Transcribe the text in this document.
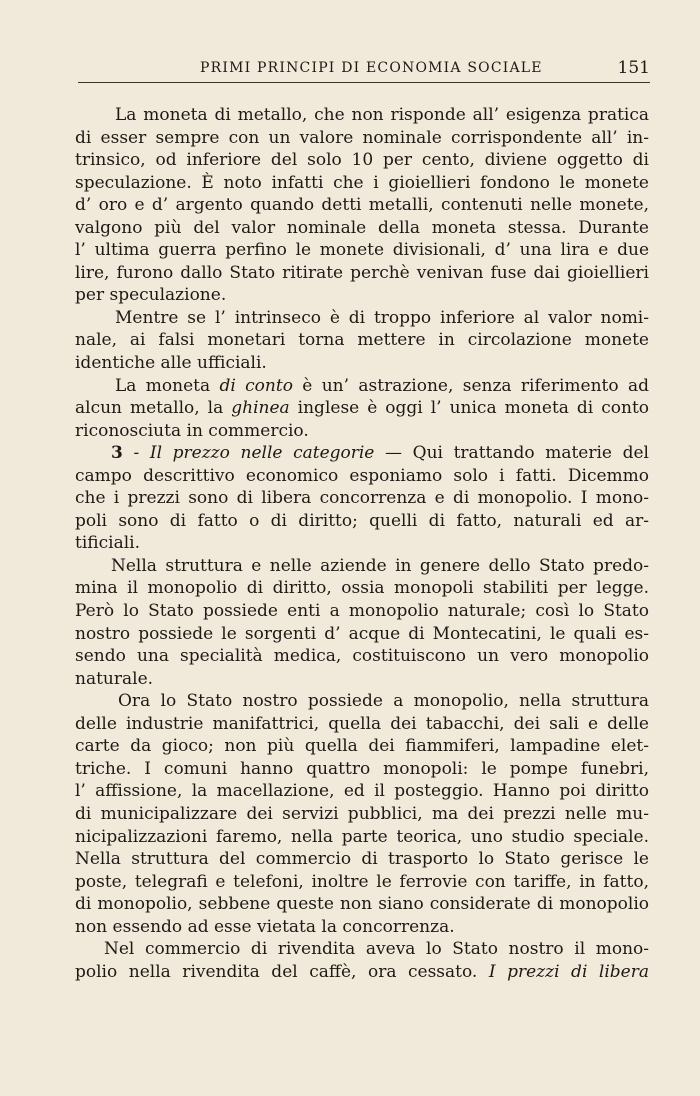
PRIMI PRINCIPI DI ECONOMIA SOCIALE	151
La moneta di metallo, che non risponde all’ esigenza pratica
di esser sempre con un valore nominale corrispondente all’ in-
trinsico, od inferiore del solo 10 per cento, diviene oggetto di
speculazione. È noto infatti che i gioiellieri fondono le monete
d’ oro e d’ argento quando detti metalli, contenuti nelle monete,
valgono più del valor nominale della moneta stessa. Durante
l’ ultima guerra perfino le monete divisionali, d’ una lira e due
lire, furono dallo Stato ritirate perchè venivan fuse dai gioiellieri
per speculazione.
Mentre se l’ intrinseco è di troppo inferiore al valor nomi-
nale, ai falsi monetari torna mettere in circolazione monete
identiche alle ufficiali.
La moneta di conto è un’ astrazione, senza riferimento ad
alcun metallo, la ghinea inglese è oggi l’ unica moneta di conto
riconosciuta in commercio.
3 - Il prezzo nelle categorie — Qui trattando materie del
campo descrittivo economico esponiamo solo i fatti. Dicemmo
che i prezzi sono di libera concorrenza e di monopolio. I mono-
poli sono di fatto o di diritto; quelli di fatto, naturali ed ar-
tificiali.
Nella struttura e nelle aziende in genere dello Stato predo-
mina il monopolio di diritto, ossia monopoli stabiliti per legge.
Però lo Stato possiede enti a monopolio naturale; così lo Stato
nostro possiede le sorgenti d’ acque di Montecatini, le quali es-
sendo una specialità medica, costituiscono un vero monopolio
naturale.
Ora lo Stato nostro possiede a monopolio, nella struttura
delle industrie manifattrici, quella dei tabacchi, dei sali e delle
carte da gioco; non più quella dei fiammiferi, lampadine elet-
triche. I comuni hanno quattro monopoli: le pompe funebri,
l’ affissione, la macellazione, ed il posteggio. Hanno poi diritto
di municipalizzare dei servizi pubblici, ma dei prezzi nelle mu-
nicipalizzazioni faremo, nella parte teorica, uno studio speciale.
Nella struttura del commercio di trasporto lo Stato gerisce le
poste, telegrafi e telefoni, inoltre le ferrovie con tariffe, in fatto,
di monopolio, sebbene queste non siano considerate di monopolio
non essendo ad esse vietata la concorrenza.
Nel commercio di rivendita aveva lo Stato nostro il mono-
polio nella rivendita del caffè, ora cessato. I prezzi di libera
